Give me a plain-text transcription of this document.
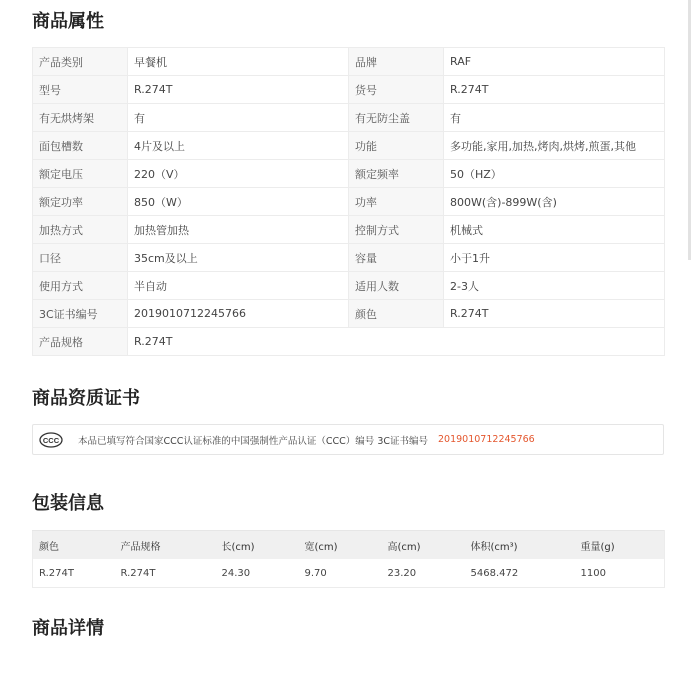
商品属性
产品类别	早餐机	品牌	RAF
型号	R.274T	货号	R.274T
有无烘烤架	有	有无防尘盖	有
面包槽数	4片及以上	功能	多功能,家用,加热,烤肉,烘烤,煎蛋,其他
额定电压	220（V）	额定频率	50（HZ）
额定功率	850（W）	功率	800W(含)-899W(含)
加热方式	加热管加热	控制方式	机械式
口径	35cm及以上	容量	小于1升
使用方式	半自动	适用人数	2-3人
3C证书编号	2019010712245766	颜色	R.274T
产品规格	R.274T		
商品资质证书
CCC 本品已填写符合国家CCC认证标准的中国强制性产品认证（CCC）编号 3C证书编号 2019010712245766
包装信息
颜色	产品规格	长(cm)	宽(cm)	高(cm)	体积(cm³)	重量(g)
R.274T	R.274T	24.30	9.70	23.20	5468.472	1100
商品详情
